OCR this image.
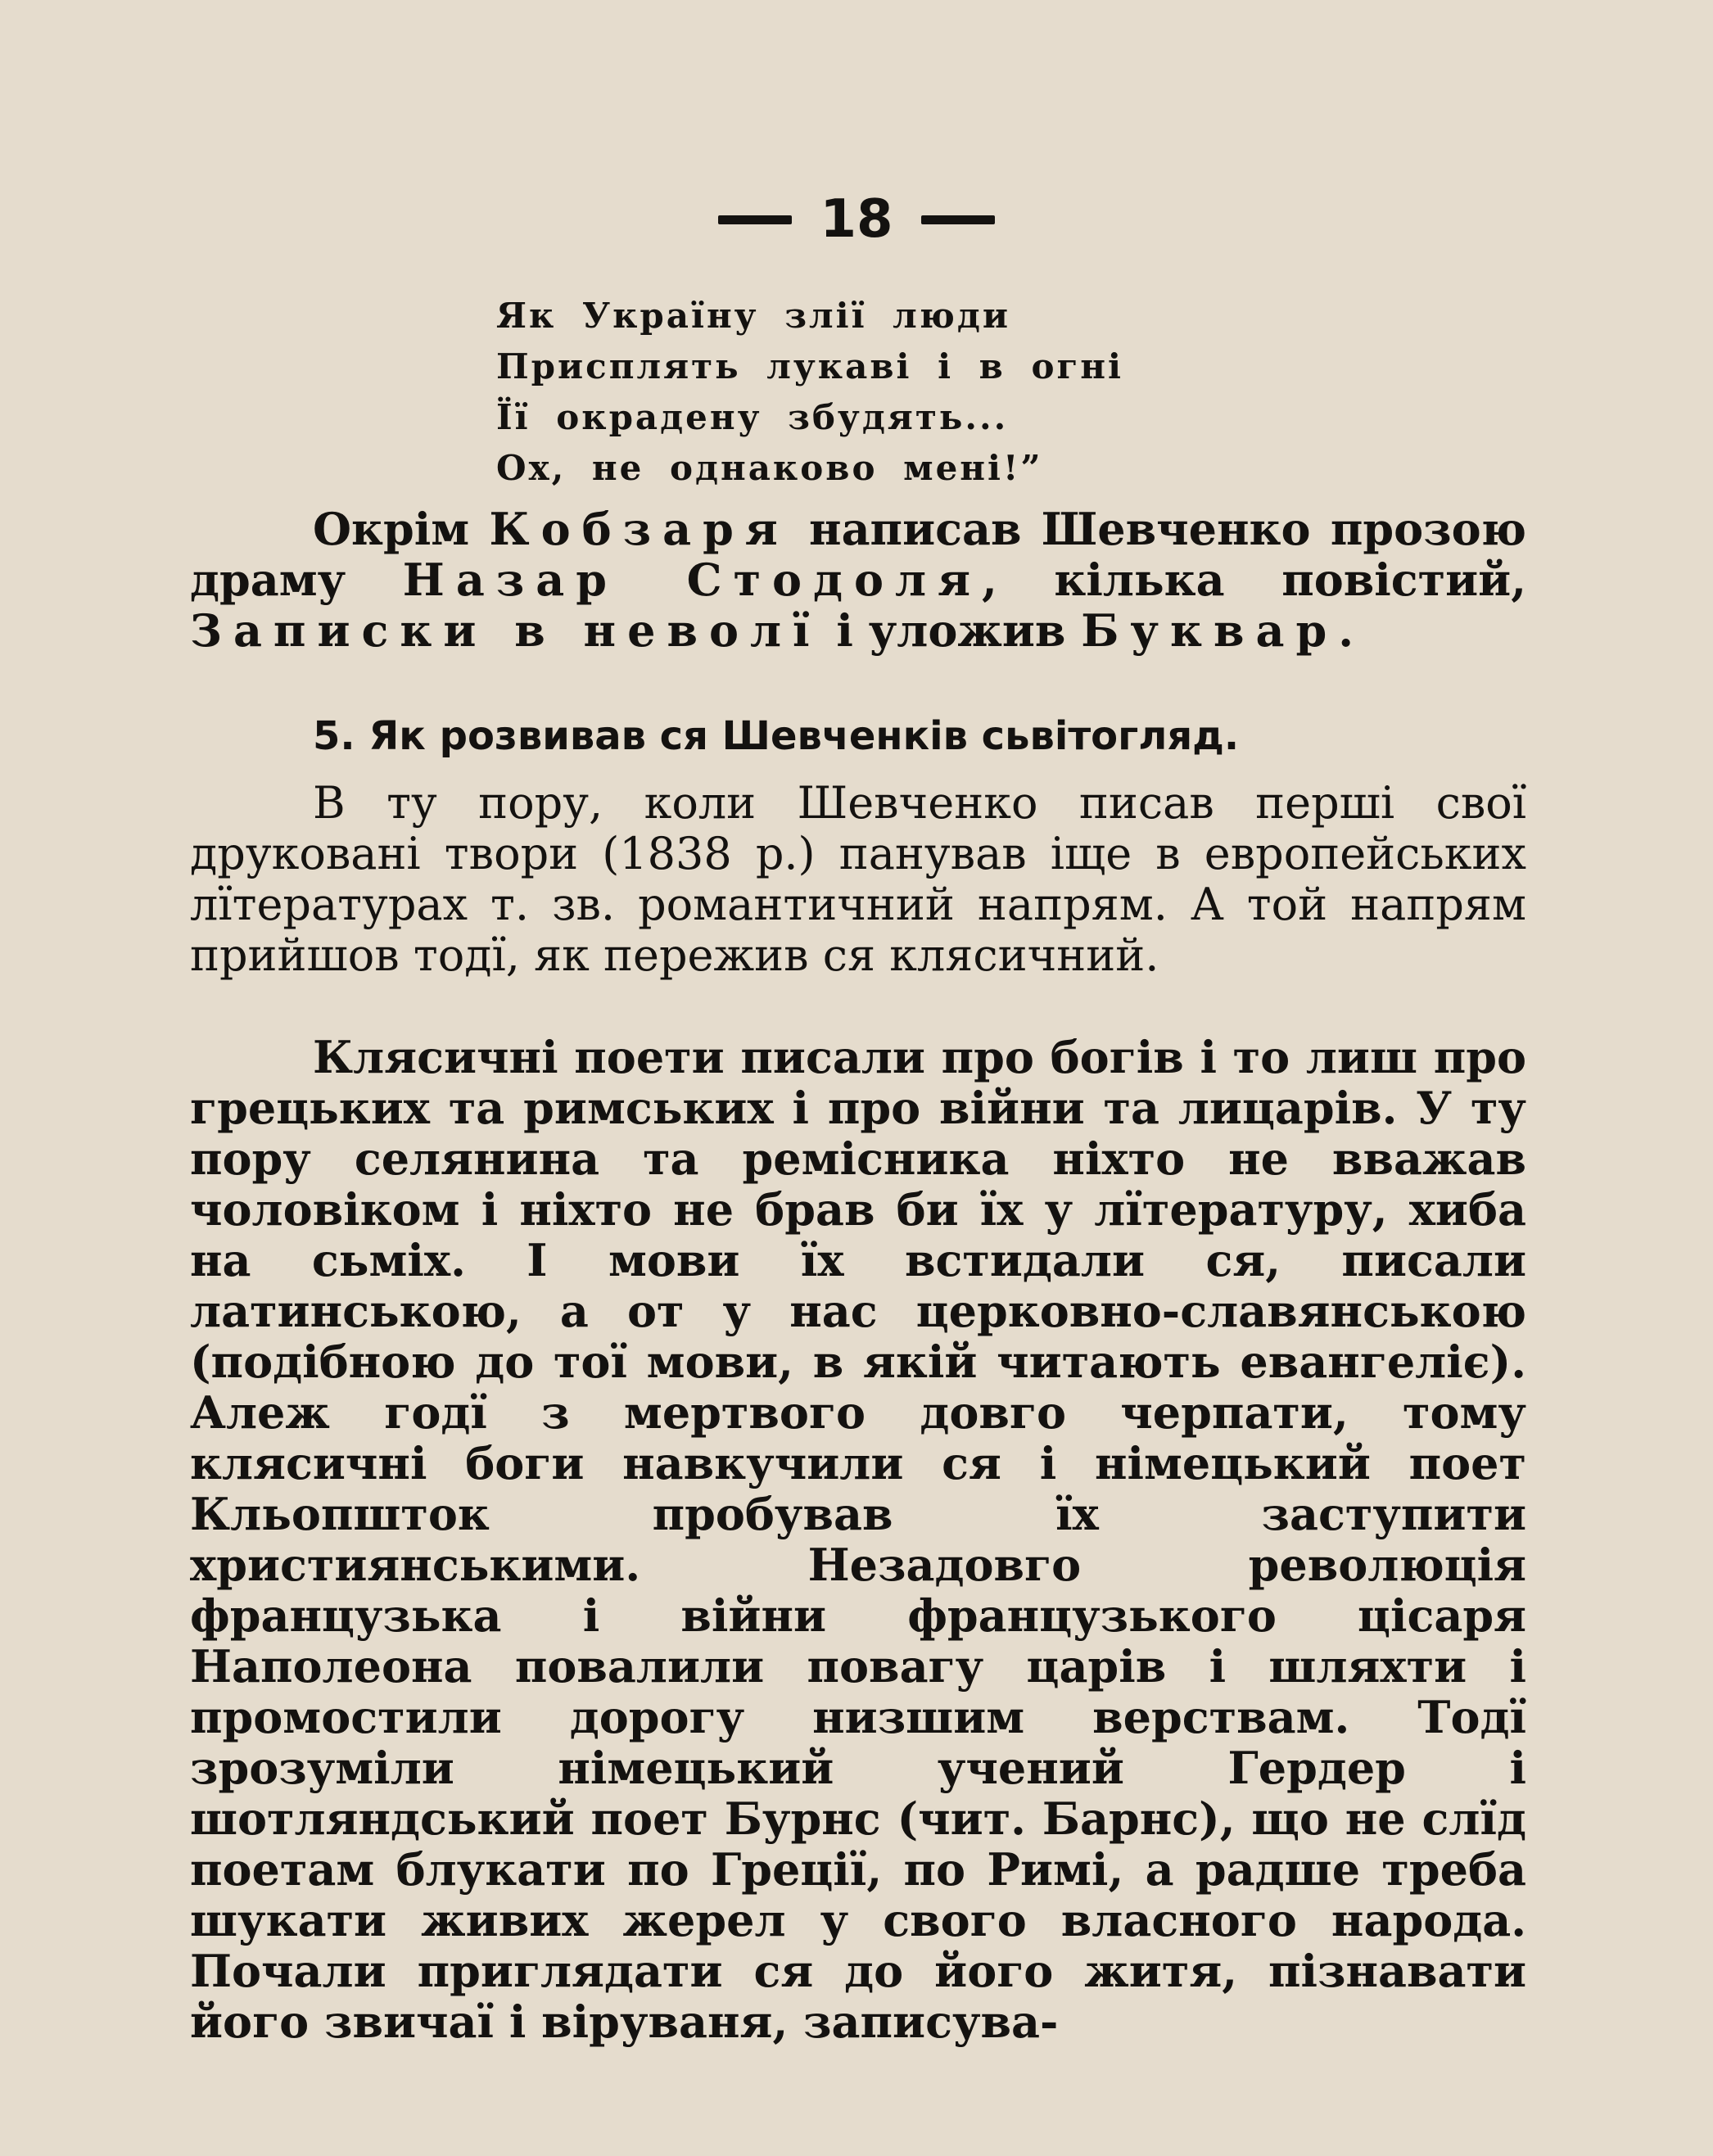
18
Як Україну злії люди
Присплять лукаві і в огні
Її окрадену збудять...
Ох, не однаково мені!”

Окрім Кобзаря написав Шевченко прозою драму Назар Стодоля, кілька повістий, Записки в неволї і уложив Буквар.

5. Як розвивав ся Шевченків сьвітогляд.

В ту пору, коли Шевченко писав перші свої друковані твори (1838 р.) панував іще в европейських лїтературах т. зв. романтичний напрям. А той напрям прийшов тодї, як пережив ся клясичний.

Клясичні поети писали про богів і то лиш про грецьких та римських і про війни та лицарів. У ту пору селянина та ремісника ніхто не вважав чоловіком і ніхто не брав би їх у лїтературу, хиба на сьміх. І мови їх встидали ся, писали латинською, а от у нас церковно-славянською (подібною до тої мови, в якій читають евангеліє). Алеж годї з мертвого довго черпати, тому клясичні боги навкучили ся і німецький поет Кльопшток пробував їх заступити християнськими. Незадовго революція французька і війни французького цісаря Наполеона повалили повагу царів і шляхти і промостили дорогу низшим верствам. Тодї зрозуміли німецький учений Гердер і шотляндський поет Бурнс (чит. Барнс), що не слїд поетам блукати по Греції, по Римі, а радше треба шукати живих жерел у свого власного народа. Почали приглядати ся до його житя, пізнавати його звичаї і віруваня, записува-
